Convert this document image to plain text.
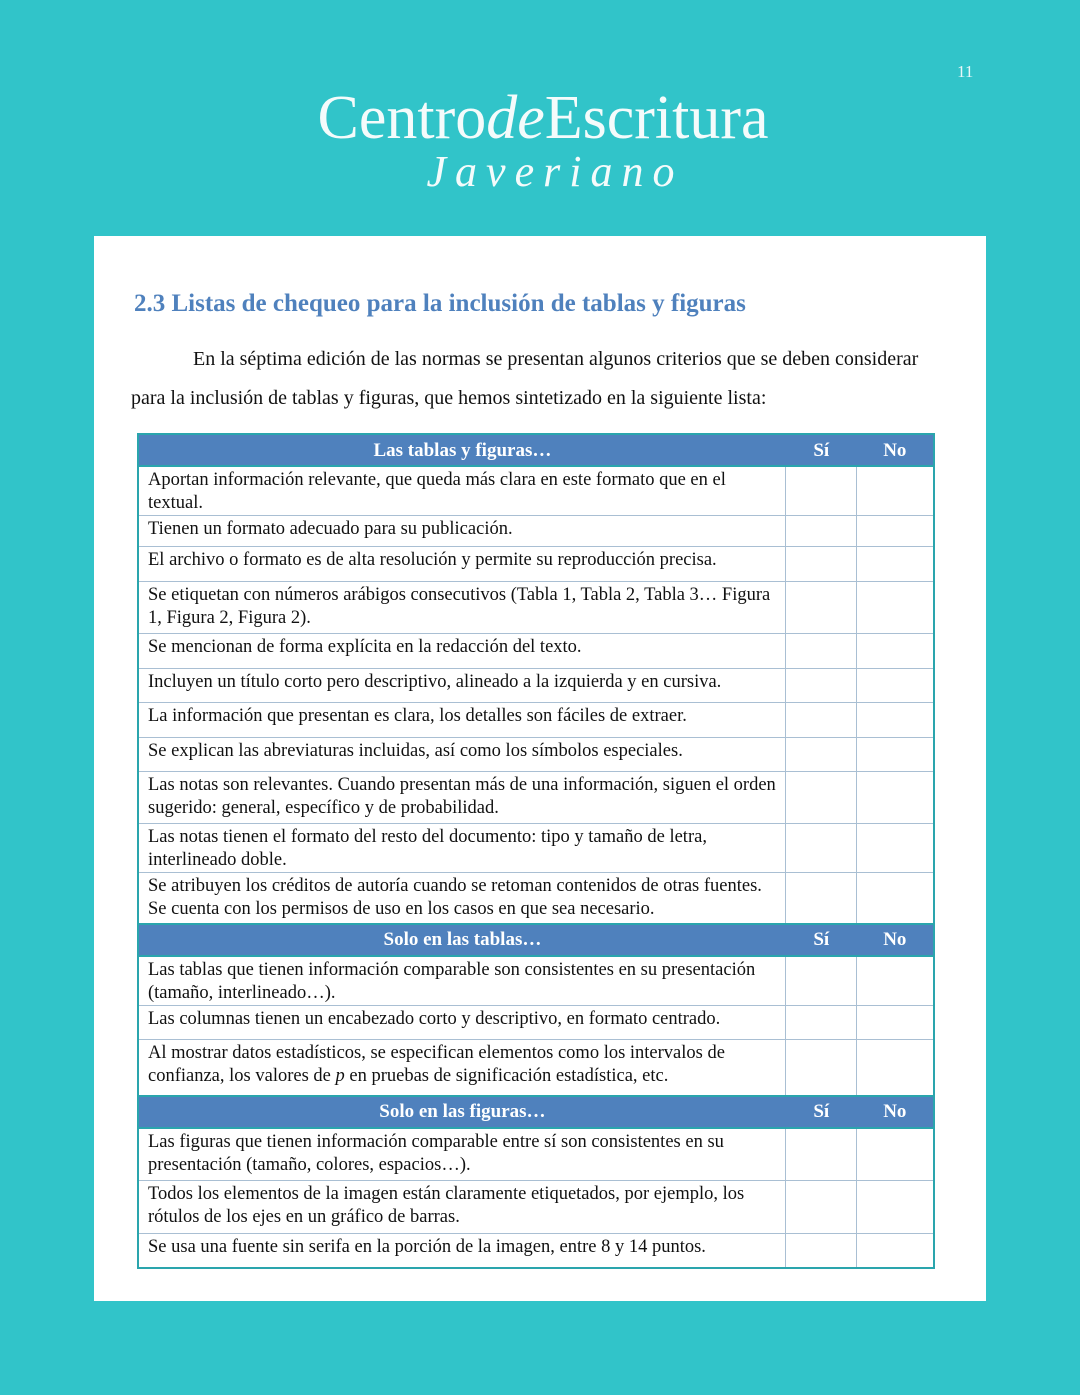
11
CentrodeEscritura
Javeriano
2.3 Listas de chequeo para la inclusión de tablas y figuras

En la séptima edición de las normas se presentan algunos criterios que se deben considerar para la inclusión de tablas y figuras, que hemos sintetizado en la siguiente lista:

Las tablas y figuras…	Sí	No
Aportan información relevante, que queda más clara en este formato que en el textual.		
Tienen un formato adecuado para su publicación.		
El archivo o formato es de alta resolución y permite su reproducción precisa.		
Se etiquetan con números arábigos consecutivos (Tabla 1, Tabla 2, Tabla 3… Figura 1, Figura 2, Figura 2).		
Se mencionan de forma explícita en la redacción del texto.		
Incluyen un título corto pero descriptivo, alineado a la izquierda y en cursiva.		
La información que presentan es clara, los detalles son fáciles de extraer.		
Se explican las abreviaturas incluidas, así como los símbolos especiales.		
Las notas son relevantes. Cuando presentan más de una información, siguen el orden sugerido: general, específico y de probabilidad.		
Las notas tienen el formato del resto del documento: tipo y tamaño de letra, interlineado doble.		
Se atribuyen los créditos de autoría cuando se retoman contenidos de otras fuentes. Se cuenta con los permisos de uso en los casos en que sea necesario.		
Solo en las tablas…	Sí	No
Las tablas que tienen información comparable son consistentes en su presentación (tamaño, interlineado…).		
Las columnas tienen un encabezado corto y descriptivo, en formato centrado.		
Al mostrar datos estadísticos, se especifican elementos como los intervalos de confianza, los valores de p en pruebas de significación estadística, etc.		
Solo en las figuras…	Sí	No
Las figuras que tienen información comparable entre sí son consistentes en su presentación (tamaño, colores, espacios…).		
Todos los elementos de la imagen están claramente etiquetados, por ejemplo, los rótulos de los ejes en un gráfico de barras.		
Se usa una fuente sin serifa en la porción de la imagen, entre 8 y 14 puntos.		
